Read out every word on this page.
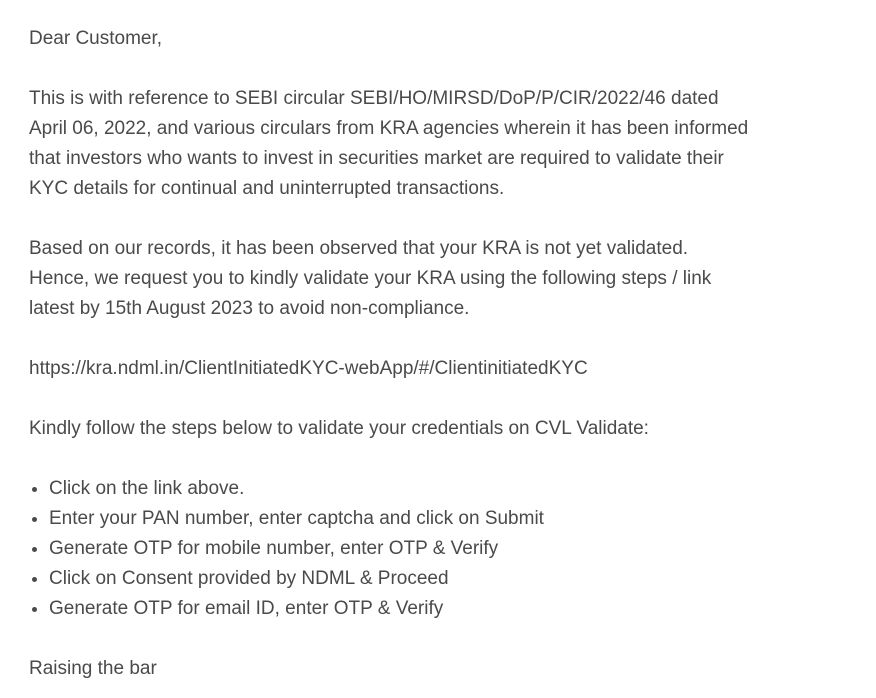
Dear Customer,

This is with reference to SEBI circular SEBI/HO/MIRSD/DoP/P/CIR/2022/46 dated April 06, 2022, and various circulars from KRA agencies wherein it has been informed that investors who wants to invest in securities market are required to validate their KYC details for continual and uninterrupted transactions.

Based on our records, it has been observed that your KRA is not yet validated. Hence, we request you to kindly validate your KRA using the following steps / link latest by 15th August 2023 to avoid non-compliance.

https://kra.ndml.in/ClientInitiatedKYC-webApp/#/ClientinitiatedKYC

Kindly follow the steps below to validate your credentials on CVL Validate:

• Click on the link above.
• Enter your PAN number, enter captcha and click on Submit
• Generate OTP for mobile number, enter OTP & Verify
• Click on Consent provided by NDML & Proceed
• Generate OTP for email ID, enter OTP & Verify

Raising the bar
